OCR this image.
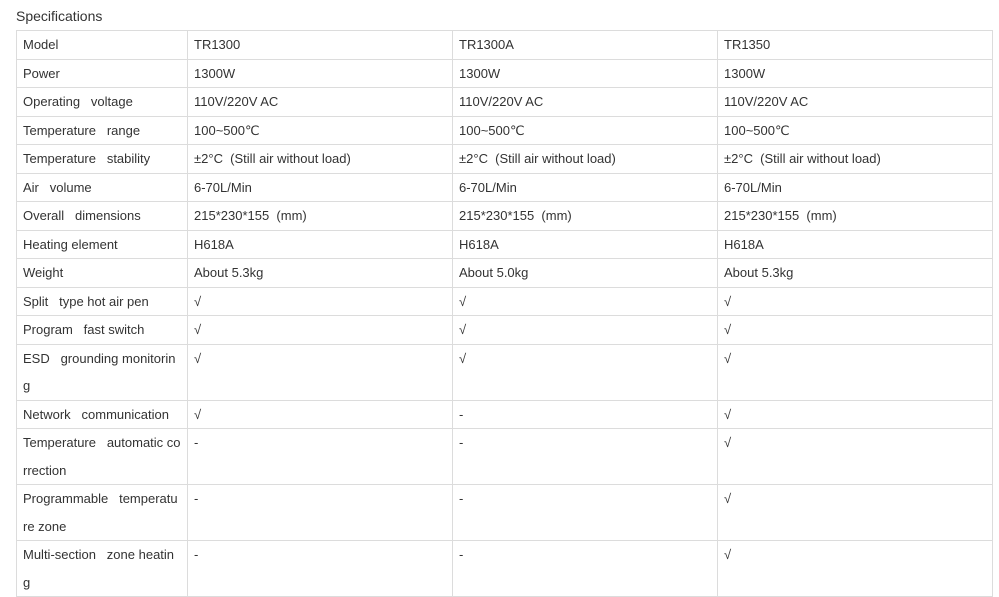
Specifications
Model	TR1300	TR1300A	TR1350
Power	1300W	1300W	1300W
Operating   voltage	110V/220V AC	110V/220V AC	110V/220V AC
Temperature   range	100~500℃	100~500℃	100~500℃
Temperature   stability	±2°C  (Still air without load)	±2°C  (Still air without load)	±2°C  (Still air without load)
Air   volume	6-70L/Min	6-70L/Min	6-70L/Min
Overall   dimensions	215*230*155  (mm)	215*230*155  (mm)	215*230*155  (mm)
Heating element	H618A	H618A	H618A
Weight	About 5.3kg	About 5.0kg	About 5.3kg
Split   type hot air pen	√	√	√
Program   fast switch	√	√	√
ESD   grounding monitoring	√	√	√
Network   communication	√	-	√
Temperature   automatic correction	-	-	√
Programmable   temperature zone	-	-	√
Multi-section   zone heating	-	-	√
